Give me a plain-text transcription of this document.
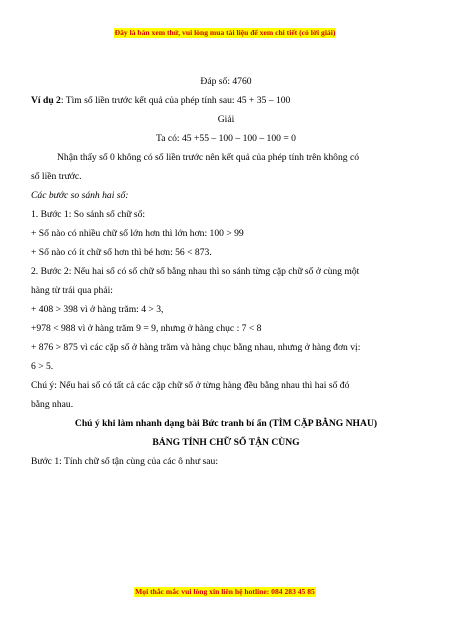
Đây là bản xem thử, vui lòng mua tài liệu để xem chi tiết (có lời giải)
Đáp số: 4760
Ví dụ 2: Tìm số liền trước kết quả của phép tính sau: 45 + 35 – 100
Giải
Ta có: 45 +55 – 100 – 100 – 100 = 0
Nhận thấy số 0 không có số liền trước nên kết quả của phép tính trên không có
số liền trước.
Các bước so sánh hai số:
1. Bước 1: So sánh số chữ số:
+ Số nào có nhiều chữ số lớn hơn thì lớn hơn: 100 > 99
+ Số nào có ít chữ số hơn thì bé hơn: 56 < 873.
2. Bước 2: Nếu hai số có số chữ số bằng nhau thì so sánh từng cặp chữ số ở cùng một
hàng từ trái qua phải:
+ 408 > 398 vì ở hàng trăm: 4 > 3,
+978 < 988 vì ở hàng trăm 9 = 9, nhưng ở hàng chục : 7 < 8
+ 876 > 875 vì các cặp số ở hàng trăm và hàng chục bằng nhau, nhưng ở hàng đơn vị:
6 > 5.
Chú ý: Nếu hai số có tất cả các cặp chữ số ở từng hàng đều bằng nhau thì hai số đó
bằng nhau.
Chú ý khi làm nhanh dạng bài Bức tranh bí ẩn (TÌM CẶP BẰNG NHAU)
BẢNG TÍNH CHỮ SỐ TẬN CÙNG
Bước 1: Tính chữ số tận cùng của các ô như sau:
Mọi thắc mắc vui lòng xin liên hệ hotline: 084 283 45 85
